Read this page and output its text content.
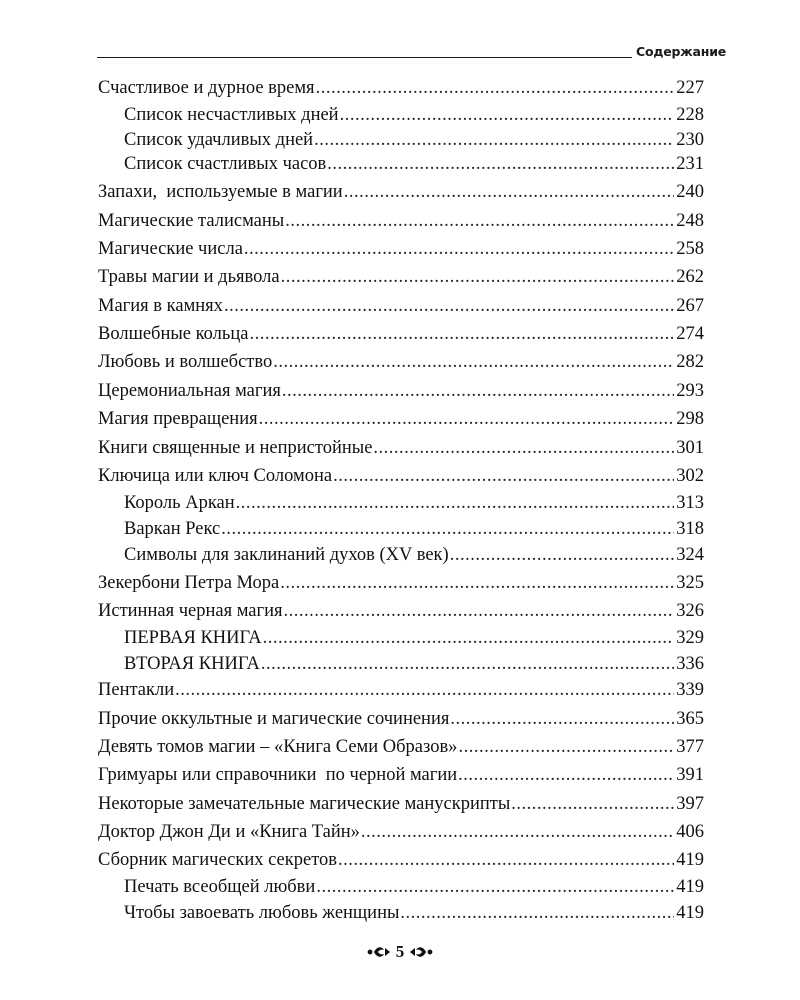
Содержание
Счастливое и дурное время .....	227
Список несчастливых дней .....	228
Список удачливых дней .....	230
Список счастливых часов .....	231
Запахи,  используемые в магии .....	240
Магические талисманы .....	248
Магические числа .....	258
Травы магии и дьявола .....	262
Магия в камнях .....	267
Волшебные кольца .....	274
Любовь и волшебство .....	282
Церемониальная магия .....	293
Магия превращения .....	298
Книги священные и непристойные .....	301
Ключица или ключ Соломона .....	302
Король Аркан .....	313
Варкан Рекс .....	318
Символы для заклинаний духов (XV век) .....	324
Зекербони Петра Мора .....	325
Истинная черная магия .....	326
ПЕРВАЯ КНИГА .....	329
ВТОРАЯ КНИГА .....	336
Пентакли .....	339
Прочие оккультные и магические сочинения .....	365
Девять томов магии – «Книга Семи Образов» .....	377
Гримуары или справочники  по черной магии .....	391
Некоторые замечательные магические манускрипты .....	397
Доктор Джон Ди и «Книга Тайн» .....	406
Сборник магических секретов .....	419
Печать всеобщей любви .....	419
Чтобы завоевать любовь женщины .....	419
5
